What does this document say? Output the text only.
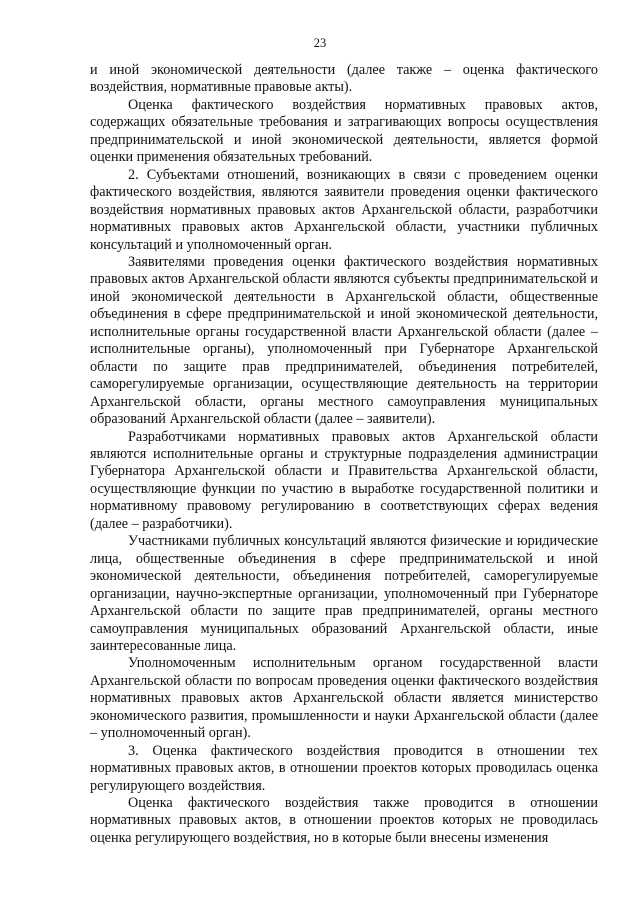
23

и иной экономической деятельности (далее также – оценка фактического воздействия, нормативные правовые акты).

Оценка фактического воздействия нормативных правовых актов, содержащих обязательные требования и затрагивающих вопросы осуществления предпринимательской и иной экономической деятельности, является формой оценки применения обязательных требований.

2. Субъектами отношений, возникающих в связи с проведением оценки фактического воздействия, являются заявители проведения оценки фактического воздействия нормативных правовых актов Архангельской области, разработчики нормативных правовых актов Архангельской области, участники публичных консультаций и уполномоченный орган.

Заявителями проведения оценки фактического воздействия нормативных правовых актов Архангельской области являются субъекты предпринимательской и иной экономической деятельности в Архангельской области, общественные объединения в сфере предпринимательской и иной экономической деятельности, исполнительные органы государственной власти Архангельской области (далее – исполнительные органы), уполномоченный при Губернаторе Архангельской области по защите прав предпринимателей, объединения потребителей, саморегулируемые организации, осуществляющие деятельность на территории Архангельской области, органы местного самоуправления муниципальных образований Архангельской области (далее – заявители).

Разработчиками нормативных правовых актов Архангельской области являются исполнительные органы и структурные подразделения администрации Губернатора Архангельской области и Правительства Архангельской области, осуществляющие функции по участию в выработке государственной политики и нормативному правовому регулированию в соответствующих сферах ведения (далее – разработчики).

Участниками публичных консультаций являются физические и юридические лица, общественные объединения в сфере предпринимательской и иной экономической деятельности, объединения потребителей, саморегулируемые организации, научно-экспертные организации, уполномоченный при Губернаторе Архангельской области по защите прав предпринимателей, органы местного самоуправления муниципальных образований Архангельской области, иные заинтересованные лица.

Уполномоченным исполнительным органом государственной власти Архангельской области по вопросам проведения оценки фактического воздействия нормативных правовых актов Архангельской области является министерство экономического развития, промышленности и науки Архангельской области (далее – уполномоченный орган).

3. Оценка фактического воздействия проводится в отношении тех нормативных правовых актов, в отношении проектов которых проводилась оценка регулирующего воздействия.

Оценка фактического воздействия также проводится в отношении нормативных правовых актов, в отношении проектов которых не проводилась оценка регулирующего воздействия, но в которые были внесены изменения
